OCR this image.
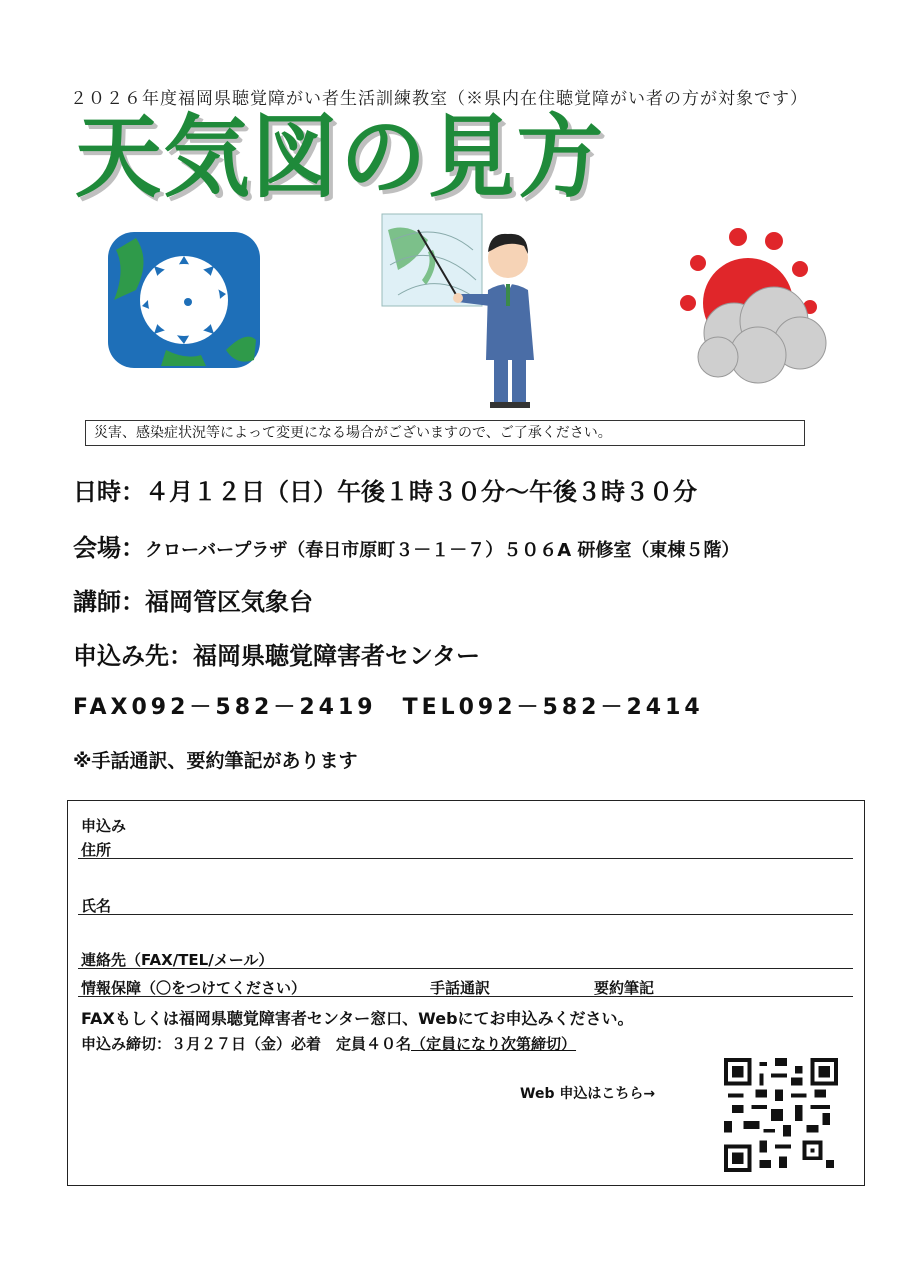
２０２６年度福岡県聴覚障がい者生活訓練教室（※県内在住聴覚障がい者の方が対象です）
天気図の見方
災害、感染症状況等によって変更になる場合がございますので、ご了承ください。
日時：４月１２日（日）午後１時３０分～午後３時３０分
会場：クローバープラザ（春日市原町３－１－７）５０６A 研修室（東棟５階）
講師：福岡管区気象台
申込み先：福岡県聴覚障害者センター
FAX092－582－2419　TEL092－582－2414
※手話通訳、要約筆記があります
申込み
住所
氏名
連絡先（FAX/TEL/メール）
情報保障（〇をつけてください）	手話通訳	要約筆記
FAXもしくは福岡県聴覚障害者センター窓口、Webにてお申込みください。
申込み締切：３月２７日（金）必着　定員４０名（定員になり次第締切）
Web 申込はこちら→
